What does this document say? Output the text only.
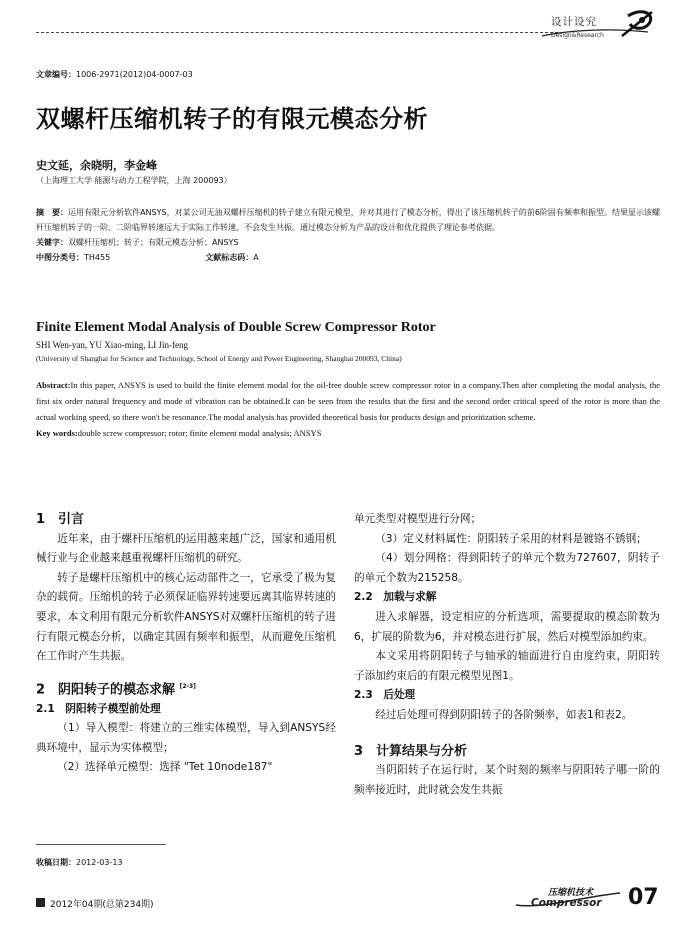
设计设究
Design&Research
文章编号：1006-2971(2012)04-0007-03
双螺杆压缩机转子的有限元模态分析
史文延，余晓明，李金峰
（上海理工大学 能源与动力工程学院，上海 200093）
摘　要：运用有限元分析软件ANSYS，对某公司无油双螺杆压缩机的转子建立有限元模型，并对其进行了模态分析，得出了该压缩机转子的前6阶固有频率和振型。结果显示该螺杆压缩机转子的一阶、二阶临界转速远大于实际工作转速，不会发生共振。通过模态分析为产品的设计和优化提供了理论参考依据。
关键字：双螺杆压缩机；转子；有限元模态分析；ANSYS
中图分类号：TH455	文献标志码：A
Finite Element Modal Analysis of Double Screw Compressor Rotor
SHI Wen-yan, YU Xiao-ming, LI Jin-feng
(University of Shanghai for Science and Technology, School of Energy and Power Engineering, Shanghai 200093, China)
Abstract:In this paper, ANSYS is used to build the finite element modal for the oil-free double screw compressor rotor in a company.Then after completing the modal analysis, the first six order natural frequency and mode of vibration can be obtained.It can be seen from the results that the first and the second order critical speed of the rotor is more than the actual working speed, so there won't be resonance.The modal analysis has provided theoretical basis for products design and prioritization scheme.
Key words:double screw compressor; rotor; finite element modal analysis; ANSYS

1　引言

近年来，由于螺杆压缩机的运用越来越广泛，国家和通用机械行业与企业越来越重视螺杆压缩机的研究。

转子是螺杆压缩机中的核心运动部件之一，它承受了极为复杂的载荷。压缩机的转子必须保证临界转速要远离其临界转速的要求，本文利用有限元分析软件ANSYS对双螺杆压缩机的转子进行有限元模态分析，以确定其固有频率和振型，从而避免压缩机在工作时产生共振。

2　阴阳转子的模态求解 [2-3]

2.1　阴阳转子模型前处理

（1）导入模型：将建立的三维实体模型，导入到ANSYS经典环境中，显示为实体模型；

（2）选择单元模型：选择 "Tet 10node187"

单元类型对模型进行分网；

（3）定义材料属性：阴阳转子采用的材料是镀铬不锈钢；

（4）划分网格：得到阳转子的单元个数为727607，阴转子的单元个数为215258。

2.2　加载与求解

进入求解器，设定相应的分析选项，需要提取的模态阶数为6，扩展的阶数为6，并对模态进行扩展，然后对模型添加约束。

本文采用将阴阳转子与轴承的轴面进行自由度约束，阴阳转子添加约束后的有限元模型见图1。

2.3　后处理

经过后处理可得到阴阳转子的各阶频率，如表1和表2。

3　计算结果与分析

当阴阳转子在运行时，某个时刻的频率与阴阳转子哪一阶的频率接近时，此时就会发生共振

收稿日期：2012-03-13
2012年04期(总第234期)
压缩机技术
Compressor 07
